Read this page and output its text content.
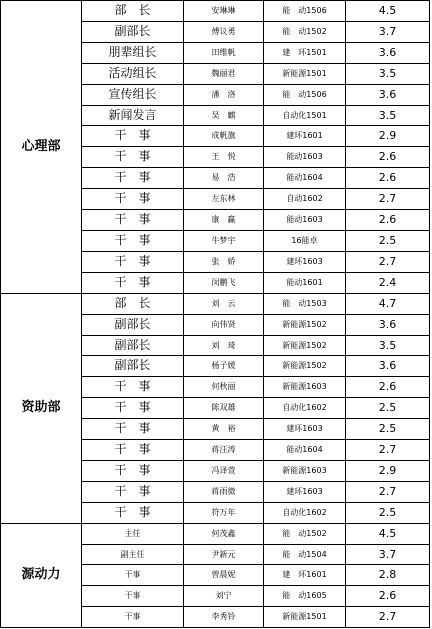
心理部	部　长	安琳琳	能　动1506	4.5
	副部长	傅议勇	能　动1502	3.7
	朋辈组长	田维帆	建　环1501	3.6
	活动组长	魏丽君	新能源1501	3.5
	宣传组长	潘　洛	能　动1506	3.6
	新闻发言	吴　麒	自动化1501	3.5
	干　事	成帆旗	建环1601	2.9
	干　事	王　悦	能动1603	2.6
	干　事	易　浩	能动1604	2.6
	干　事	左东林	自动1602	2.7
	干　事	康　赢	能动1603	2.6
	干　事	牛梦宇	16能卓	2.5
	干　事	张　娇	建环1603	2.7
	干　事	闵鹏飞	能动1601	2.4
资助部	部　长	刘　云	能　动1503	4.7
	副部长	向伟贤	新能源1502	3.6
	副部长	刘　琦	新能源1502	3.5
	副部长	杨子媛	新能源1502	3.6
	干　事	何秋丽	新能源1603	2.6
	干　事	陈双雄	自动化1602	2.5
	干　事	黄　裕	建环1603	2.5
	干　事	蒋汪涛	能动1604	2.7
	干　事	冯译萱	新能源1603	2.9
	干　事	蒋雨微	建环1603	2.7
	干　事	符万年	自动化1602	2.5
源动力	主任	何茂鑫	能　动1502	4.5
	副主任	尹新元	能　动1504	3.7
	干事	曾晨妮	建　环1601	2.8
	干事	刘宁	能　动1605	2.6
	干事	李秀铃	新能源1501	2.7
